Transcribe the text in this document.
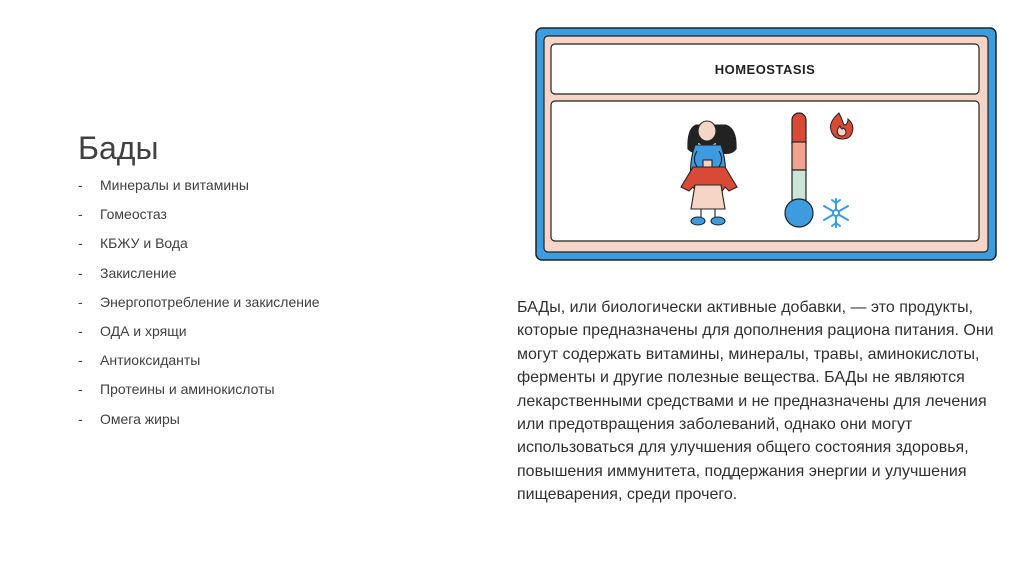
Бады
- Минералы и витамины
- Гомеостаз
- КБЖУ и Вода
- Закисление
- Энергопотребление и закисление
- ОДА и хрящи
- Антиоксиданты
- Протеины и аминокислоты
- Омега жиры
HOMEOSTASIS

БАДы, или биологически активные добавки, — это продукты, которые предназначены для дополнения рациона питания. Они могут содержать витамины, минералы, травы, аминокислоты, ферменты и другие полезные вещества. БАДы не являются лекарственными средствами и не предназначены для лечения или предотвращения заболеваний, однако они могут использоваться для улучшения общего состояния здоровья, повышения иммунитета, поддержания энергии и улучшения пищеварения, среди прочего.
